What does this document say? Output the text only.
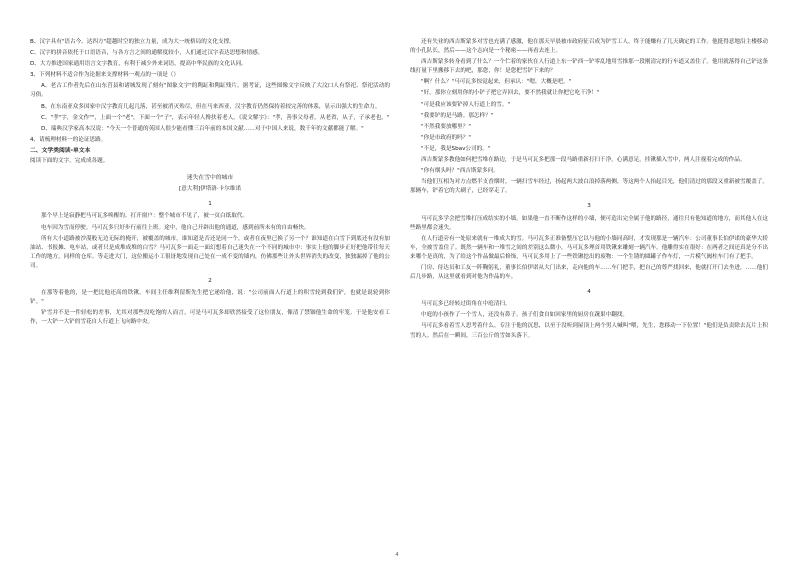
B、汉字具有"语古今、达四方"超越时空的独立力量，成为大一统格局的文化支撑。

C、汉字的拼音依托于口语语音，与各方言之间的通解度较小，人们通过汉字表达思想和情感。

D、大力推进国家通用语言文字教育，有利于减少外来词语，提高中华民族的文化认同。

3、下列材料不适合作为论据来支撑材料一观点的一项是（）

A、老古工作者先后在山东莒县和诸城发现了刻有"图象文字"的陶缸和陶缸残片，据考证，这些图像文字反映了大汶口人有祭祀、祭祀活动的习俗。

B、在东南亚众多国家中汉字教育几起几落，甚至被消灭殆尽，但在马来西亚，汉字教育仍然保持着较完善的体系，显示出强大的生命力。

C、"孝"字，金文作""，上面一个"老"，下面一个"子"，表示年轻人搀扶着老人。《说文解字》："孝，善事父母者，从老省，从子，子承老也。"

D、瑞典汉学家高本汉说："今天一个普通的英国人很少能看懂三百年前的本国文献……对于中国人来说，数千年的文献都能了解。"

4、请梳理材料一的论证思路。

二、文学类阅读-单文本

阅读下面的文字，完成成各题。

迷失在雪中的城市

[意大利]伊塔洛·卡尔维诺

1

那个早上是寂静把马可瓦多唤醒的。打开窗户：整个城市不见了，被一页白纸取代。

电车因为雪而停驶。马可瓦多只好步行前往上班。途中，他自己开辟出他的通道，感到前所未有的自由畅快。

所有大小道路被沙漠般无边无际的掩开，被覆盖的城市，谁知道是否还是同一个，或者在夜里已换了另一个？谁知道在白雪下到底还有没有加油站、书报摊、电车站，或者只是成堆成堆的白雪？马可瓦多一面走一面幻想着自己迷失在一个不同的城市中：事实上他的脚步正好把他带往每天工作的地方，同样的仓库。等走进大门，这位搬运小工很讶地发现自己处在一成不变的墙内，仿佛那些让外头世界消失的改变，独独漏掉了他的公司。

2

在那等着他的，是一把比他还高的铁锹。车间主任维利留斯先生把它递给他，说："公司前面人行道上的积雪轮到我们铲，也就是说轮到你铲。"

铲雪并不是一件轻松的差事，尤其对那些没吃饱的人而言，可是马可瓦多却欣然接受了这位朋友，像清了禁锢他生命的牢笼。于是他安看工作，一大铲一大铲的雪花自人行道上飞向路中央。

还有失业的西吉斯蒙多对雪也充满了感激，他在那天早晨被市政府征召成为铲雪工人，终于能赚有了几天确定的工作。他挺得意地沿主楼移动的小孔队长，然后——这个志向是一个秘密——再看去连上。

西吉斯蒙多转身看到了什么？一个伫着的家伙在人行道上东一铲西一铲零乱地用雪推那一段刚清完的行车道又盖住了。他用就落得自己铲这条线打量下里搬移下去的吧，那您，你！是您把雪铲下来的？

"啊？什么？"马可瓦多惊觉起来，但承认："嗯，大概是吧。"

"好，那你立刻用你的小铲子把它弄回去，要不然我就让你把它吃干净！"

"可是我应该要铲掉人行道上的雪。"

"我要铲的是马路。那怎样？"

"不然我要放哪里？"

"你是市政府的吗？"

"不是，我是Sbav公司的。"

西吉斯蒙多教他如何把雪堆在路边，于是马可瓦多把那一段马路重新打扫干净。心满意足，挂锹插入雪中，两人注视着完成的作品。

"你有烟头吗？"西吉斯蒙多问。

当他们互相为对方点燃半支香烟时，一辆扫雪车经过，扬起两大波白浪掉落两侧。等这两个人抬起目光，他们清过的那段又重新被雪覆盖了。那辆车，铲着它的大刷子，已经穿走了。

3

马可瓦多学会把雪堆打压成结实的小墙。如果他一直不断作这样的小墙，便可造出完全属于他的路径，通往只有他知道的地方，而其他人在这些路里都会迷失。

在人行道旁有一处原来就有一堆成大的雪。马可瓦多正准备整压它以与他的小墙同高时，才发现那是一辆汽车：公司董事长伯伊诺的豪华大轿车，全被雪盖住了。既然一辆车和一堆雪之间的差别这么微小，马可瓦多理首用铁锹来雕刻一辆汽车。他雕得实在很好：在两者之间还真是分不出来哪个是真的，为了给这个作品做最后修饰，马可瓦多用上了一些铁锹挖出的废物：一个生锈的圆罐子作车灯，一片模气阀柱车门有了把手。

门房、侍达员和工友一阵鞠躬礼，董事长伯伊诺从大门出来，走向他的车……车门把手，把自己的尊严找回来，他就打开门去坐进，……他们后几步路，从这里就看到对他为作品的车。

4

马可瓦多已经转过街角在中庭清扫。

中庭的小孩作了一个雪人，还没有鼻子。孩子们食自如回家里的厨房在蔬果中翻找。

马可瓦多看着雪人思考着什么。专注于他的沉思，以至于没听到屋顶上两个男人喊叫"喂，先生，您移动一下位置！"他们是负责除去瓦片上积雪的人。然后在一瞬间，三百公斤的雪如头落下。

4
